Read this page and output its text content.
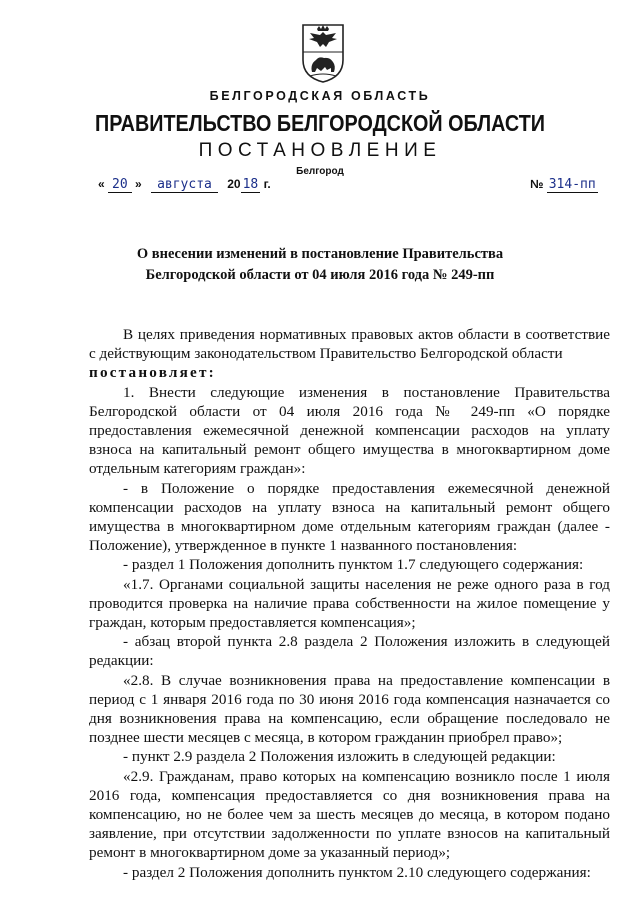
БЕЛГОРОДСКАЯ ОБЛАСТЬ
ПРАВИТЕЛЬСТВО БЕЛГОРОДСКОЙ ОБЛАСТИ
ПОСТАНОВЛЕНИЕ
Белгород
« 20 » августа 20 18 г.	№ 314-пп
О внесении изменений в постановление Правительства
Белгородской области от 04 июля 2016 года № 249-пп

В целях приведения нормативных правовых актов области в соответствие с действующим законодательством Правительство Белгородской области

постановляет:

1. Внести следующие изменения в постановление Правительства Белгородской области от 04 июля 2016 года № 249-пп «О порядке предоставления ежемесячной денежной компенсации расходов на уплату взноса на капитальный ремонт общего имущества в многоквартирном доме отдельным категориям граждан»:

- в Положение о порядке предоставления ежемесячной денежной компенсации расходов на уплату взноса на капитальный ремонт общего имущества в многоквартирном доме отдельным категориям граждан (далее - Положение), утвержденное в пункте 1 названного постановления:

- раздел 1 Положения дополнить пунктом 1.7 следующего содержания:

«1.7. Органами социальной защиты населения не реже одного раза в год проводится проверка на наличие права собственности на жилое помещение у граждан, которым предоставляется компенсация»;

- абзац второй пункта 2.8 раздела 2 Положения изложить в следующей редакции:

«2.8. В случае возникновения права на предоставление компенсации в период с 1 января 2016 года по 30 июня 2016 года компенсация назначается со дня возникновения права на компенсацию, если обращение последовало не позднее шести месяцев с месяца, в котором гражданин приобрел право»;

- пункт 2.9 раздела 2 Положения изложить в следующей редакции:

«2.9. Гражданам, право которых на компенсацию возникло после 1 июля 2016 года, компенсация предоставляется со дня возникновения права на компенсацию, но не более чем за шесть месяцев до месяца, в котором подано заявление, при отсутствии задолженности по уплате взносов на капитальный ремонт в многоквартирном доме за указанный период»;

- раздел 2 Положения дополнить пунктом 2.10 следующего содержания:
